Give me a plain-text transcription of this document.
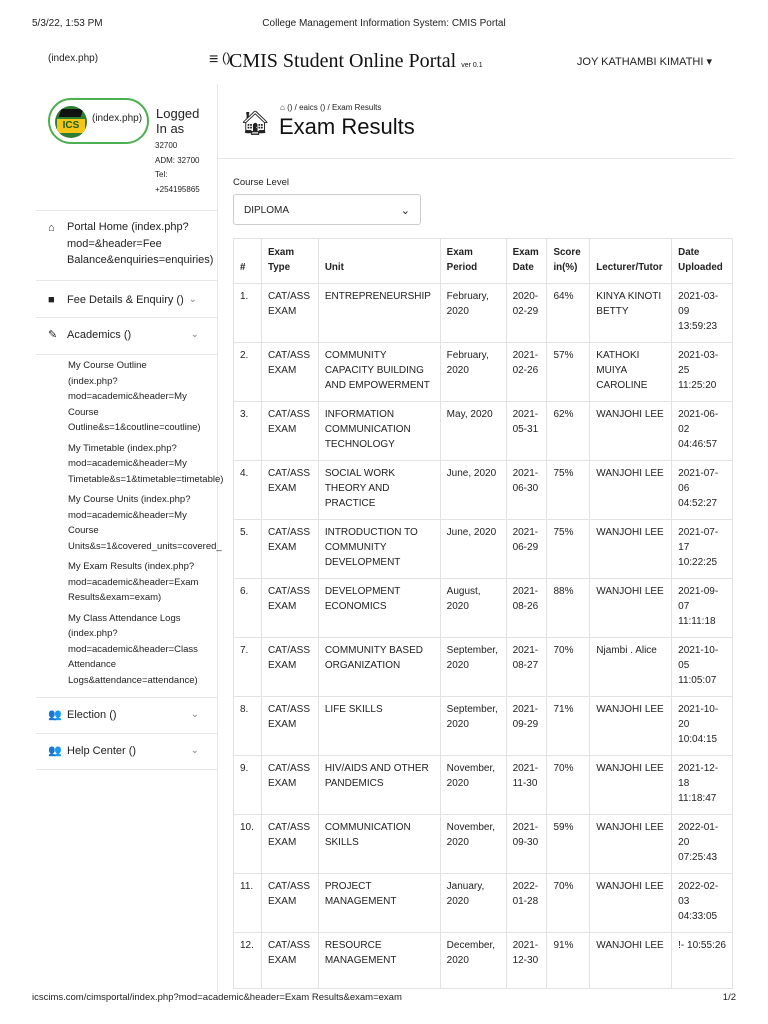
5/3/22, 1:53 PM	College Management Information System: CMIS Portal
(index.php)	≡ ()
CMIS Student Online Portal ver 0.1	JOY KATHAMBI KIMATHI ▾
ICS
(index.php) Logged In as
32700
ADM: 32700
Tel:
+254195865
⌂	Portal Home (index.php?mod=&header=Fee Balance&enquiries=enquiries)
■ Fee Details & Enquiry () ⌄
✎ Academics ()	⌄
My Course Outline
(index.php?
mod=academic&header=My
Course
Outline&s=1&coutline=coutline)
My Timetable (index.php?
mod=academic&header=My
Timetable&s=1&timetable=timetable)
My Course Units (index.php?
mod=academic&header=My
Course
Units&s=1&covered_units=covered_
My Exam Results (index.php?
mod=academic&header=Exam
Results&exam=exam)
My Class Attendance Logs
(index.php?
mod=academic&header=Class
Attendance
Logs&attendance=attendance)
👥 Election ()	⌄
👥 Help Center ()	⌄
🏠︎
⌂ () / eaics () / Exam Results
Exam Results
Course Level
DIPLOMA	⌄
#	Exam Type	Unit	Exam Period	Exam Date	Score in(%)	Lecturer/Tutor	Date Uploaded
1.	CAT/ASS EXAM	ENTREPRENEURSHIP	February, 2020	2020-02-29	64%	KINYA KINOTI BETTY	2021-03-09 13:59:23
2.	CAT/ASS EXAM	COMMUNITY CAPACITY BUILDING AND EMPOWERMENT	February, 2020	2021-02-26	57%	KATHOKI MUIYA CAROLINE	2021-03-25 11:25:20
3.	CAT/ASS EXAM	INFORMATION COMMUNICATION TECHNOLOGY	May, 2020	2021-05-31	62%	WANJOHI LEE	2021-06-02 04:46:57
4.	CAT/ASS EXAM	SOCIAL WORK THEORY AND PRACTICE	June, 2020	2021-06-30	75%	WANJOHI LEE	2021-07-06 04:52:27
5.	CAT/ASS EXAM	INTRODUCTION TO COMMUNITY DEVELOPMENT	June, 2020	2021-06-29	75%	WANJOHI LEE	2021-07-17 10:22:25
6.	CAT/ASS EXAM	DEVELOPMENT ECONOMICS	August, 2020	2021-08-26	88%	WANJOHI LEE	2021-09-07 11:11:18
7.	CAT/ASS EXAM	COMMUNITY BASED ORGANIZATION	September, 2020	2021-08-27	70%	Njambi . Alice	2021-10-05 11:05:07
8.	CAT/ASS EXAM	LIFE SKILLS	September, 2020	2021-09-29	71%	WANJOHI LEE	2021-10-20 10:04:15
9.	CAT/ASS EXAM	HIV/AIDS AND OTHER PANDEMICS	November, 2020	2021-11-30	70%	WANJOHI LEE	2021-12-18 11:18:47
10.	CAT/ASS EXAM	COMMUNICATION SKILLS	November, 2020	2021-09-30	59%	WANJOHI LEE	2022-01-20 07:25:43
11.	CAT/ASS EXAM	PROJECT MANAGEMENT	January, 2020	2022-01-28	70%	WANJOHI LEE	2022-02-03 04:33:05
12.	CAT/ASS EXAM	RESOURCE MANAGEMENT	December, 2020	2021-12-30	91%	WANJOHI LEE	!- 10:55:26
icscims.com/cimsportal/index.php?mod=academic&header=Exam Results&exam=exam	1/2
